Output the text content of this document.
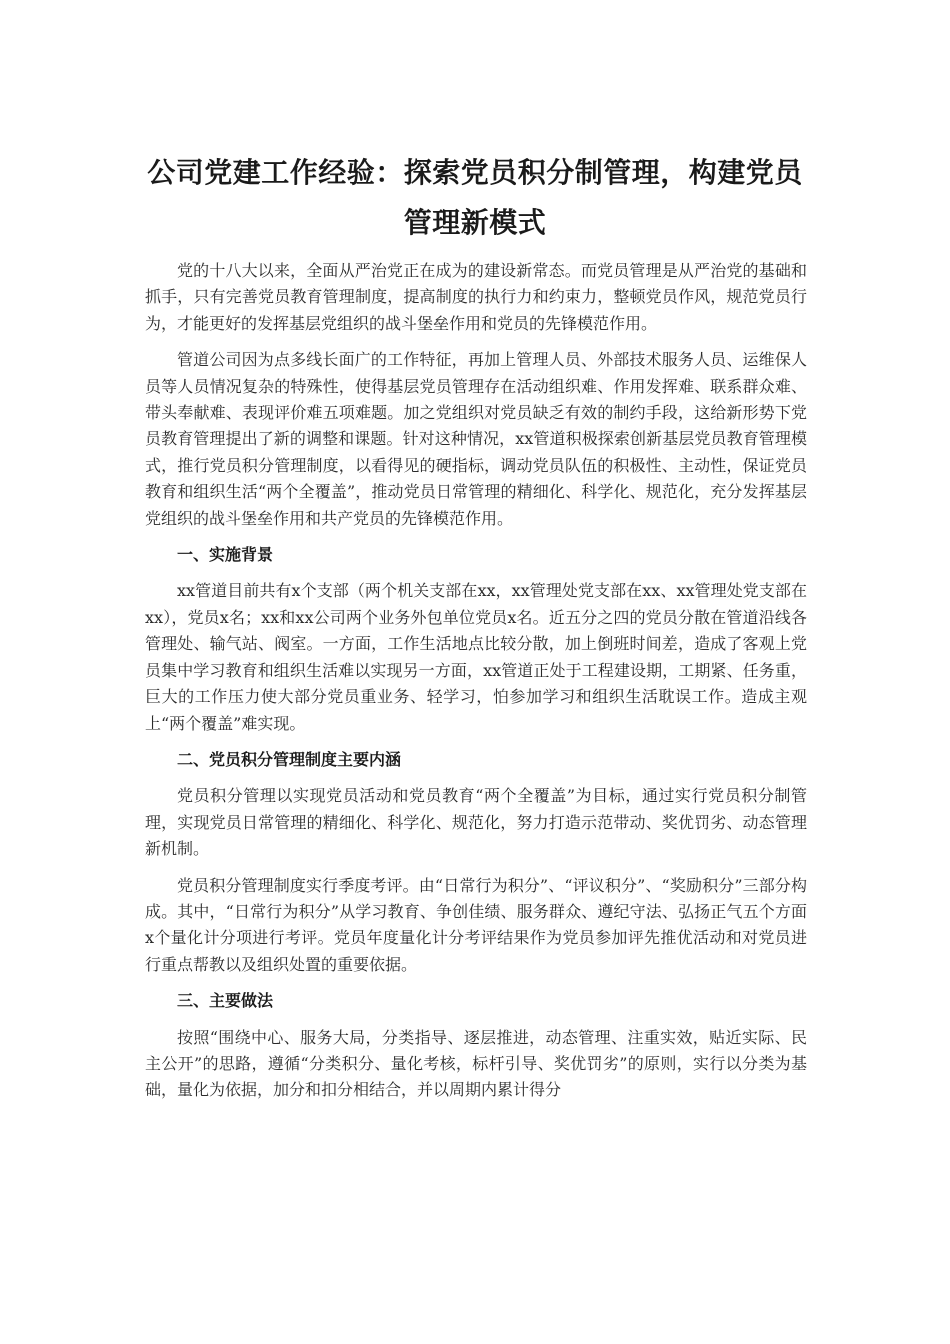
公司党建工作经验：探索党员积分制管理，构建党员
管理新模式

党的十八大以来，全面从严治党正在成为的建设新常态。而党员管理是从严治党的基础和抓手，只有完善党员教育管理制度，提高制度的执行力和约束力，整顿党员作风，规范党员行为，才能更好的发挥基层党组织的战斗堡垒作用和党员的先锋模范作用。

管道公司因为点多线长面广的工作特征，再加上管理人员、外部技术服务人员、运维保人员等人员情况复杂的特殊性，使得基层党员管理存在活动组织难、作用发挥难、联系群众难、带头奉献难、表现评价难五项难题。加之党组织对党员缺乏有效的制约手段，这给新形势下党员教育管理提出了新的调整和课题。针对这种情况，xx管道积极探索创新基层党员教育管理模式，推行党员积分管理制度，以看得见的硬指标，调动党员队伍的积极性、主动性，保证党员教育和组织生活“两个全覆盖”，推动党员日常管理的精细化、科学化、规范化，充分发挥基层党组织的战斗堡垒作用和共产党员的先锋模范作用。

一、实施背景

xx管道目前共有x个支部（两个机关支部在xx，xx管理处党支部在xx、xx管理处党支部在xx），党员x名；xx和xx公司两个业务外包单位党员x名。近五分之四的党员分散在管道沿线各管理处、输气站、阀室。一方面，工作生活地点比较分散，加上倒班时间差，造成了客观上党员集中学习教育和组织生活难以实现另一方面，xx管道正处于工程建设期，工期紧、任务重，巨大的工作压力使大部分党员重业务、轻学习，怕参加学习和组织生活耽误工作。造成主观上“两个覆盖”难实现。

二、党员积分管理制度主要内涵

党员积分管理以实现党员活动和党员教育“两个全覆盖”为目标，通过实行党员积分制管理，实现党员日常管理的精细化、科学化、规范化，努力打造示范带动、奖优罚劣、动态管理新机制。

党员积分管理制度实行季度考评。由“日常行为积分”、“评议积分”、“奖励积分”三部分构成。其中，“日常行为积分”从学习教育、争创佳绩、服务群众、遵纪守法、弘扬正气五个方面x个量化计分项进行考评。党员年度量化计分考评结果作为党员参加评先推优活动和对党员进行重点帮教以及组织处置的重要依据。

三、主要做法

按照“围绕中心、服务大局，分类指导、逐层推进，动态管理、注重实效，贴近实际、民主公开”的思路，遵循“分类积分、量化考核，标杆引导、奖优罚劣”的原则，实行以分类为基础，量化为依据，加分和扣分相结合，并以周期内累计得分
